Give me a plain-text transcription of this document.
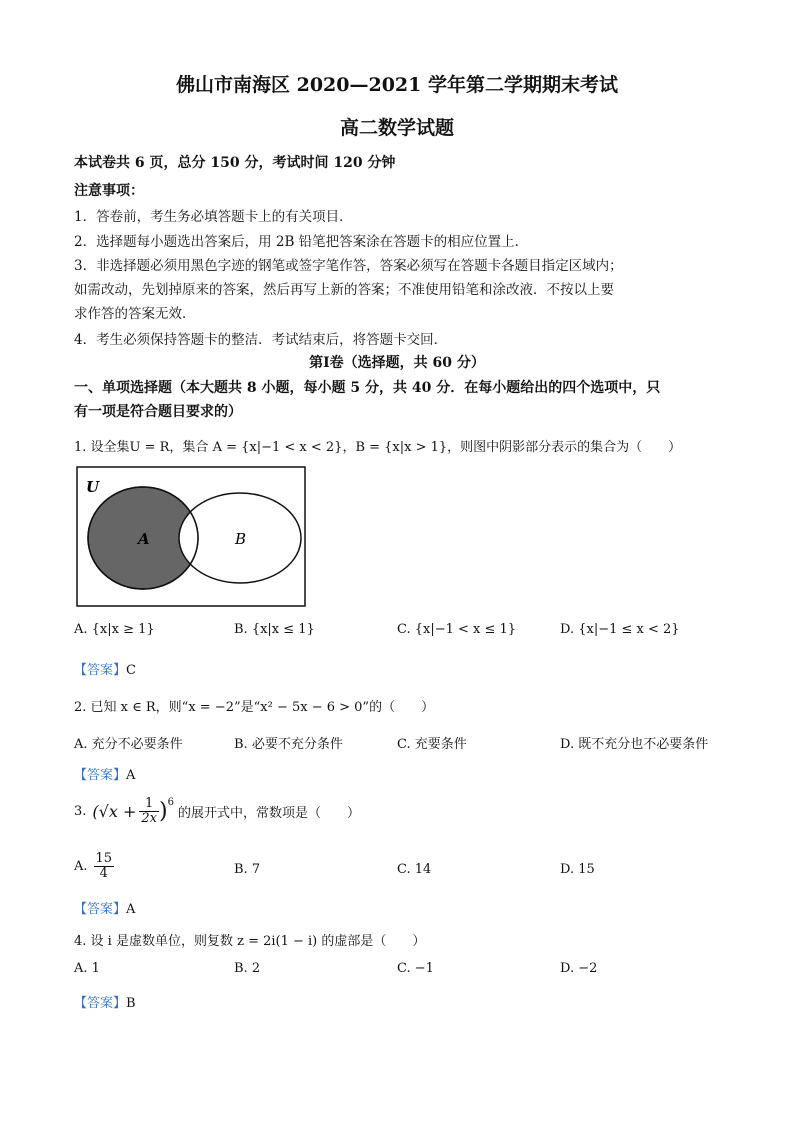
佛山市南海区 2020—2021 学年第二学期期末考试
高二数学试题
本试卷共 6 页，总分 150 分，考试时间 120 分钟
注意事项：
1．答卷前，考生务必填答题卡上的有关项目．
2．选择题每小题选出答案后，用 2B 铅笔把答案涂在答题卡的相应位置上．
3．非选择题必须用黑色字迹的钢笔或签字笔作答，答案必须写在答题卡各题目指定区域内；
如需改动，先划掉原来的答案，然后再写上新的答案；不准使用铅笔和涂改液．不按以上要
求作答的答案无效．
4．考生必须保持答题卡的整洁．考试结束后，将答题卡交回．
第Ⅰ卷（选择题，共 60 分）
一、单项选择题（本大题共 8 小题，每小题 5 分，共 40 分．在每小题给出的四个选项中，只
有一项是符合题目要求的）
1. 设全集U = R，集合 A = {x|−1 < x < 2}，B = {x|x > 1}，则图中阴影部分表示的集合为（　　）
U
A	B
A. {x|x ≥ 1}	B. {x|x ≤ 1}	C. {x|−1 < x ≤ 1}	D. {x|−1 ≤ x < 2}
【答案】C
2. 已知 x ∈ R，则“x = −2”是“x² − 5x − 6 > 0”的（　　）
A. 充分不必要条件	B. 必要不充分条件	C. 充要条件	D. 既不充分也不必要条件
【答案】A
3. $(√x + \frac{1}{2x} )^6$
的展开式中，常数项是（　　）
A. $\frac{15}{4}$	B. 7	C. 14	D. 15
【答案】A
4. 设 i 是虚数单位，则复数 z = 2i(1 − i) 的虚部是（　　）
A. 1	B. 2	C. −1	D. −2
【答案】B
